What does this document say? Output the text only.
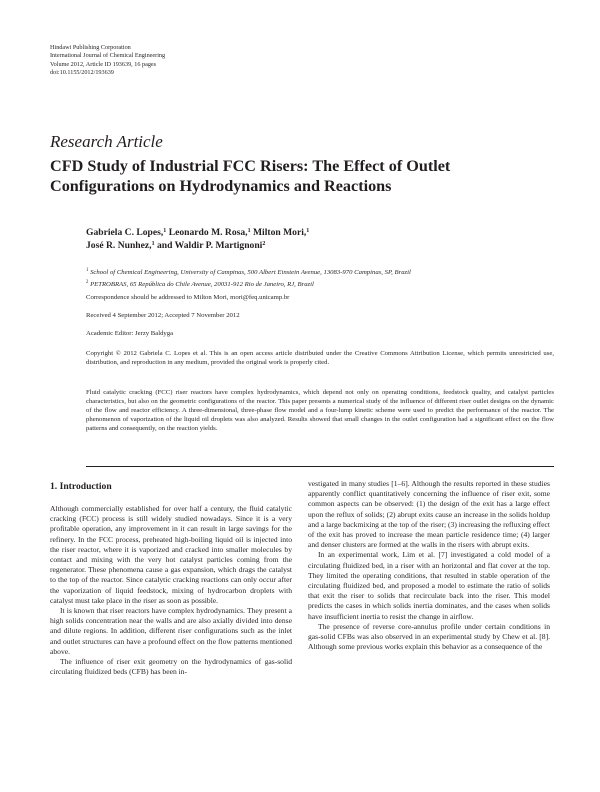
Hindawi Publishing Corporation
International Journal of Chemical Engineering
Volume 2012, Article ID 193639, 16 pages
doi:10.1155/2012/193639
Research Article
CFD Study of Industrial FCC Risers: The Effect of Outlet
Configurations on Hydrodynamics and Reactions
Gabriela C. Lopes,$^1$ Leonardo M. Rosa,$^1$ Milton Mori,$^1$
José R. Nunhez,$^1$ and Waldir P. Martignoni$^2$
$^1$ School of Chemical Engineering, University of Campinas, 500 Albert Einstein Avenue, 13083-970 Campinas, SP, Brazil
$^2$ PETROBRAS, 65 República do Chile Avenue, 20031-912 Rio de Janeiro, RJ, Brazil
Correspondence should be addressed to Milton Mori, mori@feq.unicamp.br
Received 4 September 2012; Accepted 7 November 2012
Academic Editor: Jerzy Baldyga
Copyright © 2012 Gabriela C. Lopes et al. This is an open access article distributed under the Creative Commons Attribution License, which permits unrestricted use, distribution, and reproduction in any medium, provided the original work is properly cited.
Fluid catalytic cracking (FCC) riser reactors have complex hydrodynamics, which depend not only on operating conditions, feedstock quality, and catalyst particles characteristics, but also on the geometric configurations of the reactor. This paper presents a numerical study of the influence of different riser outlet designs on the dynamic of the flow and reactor efficiency. A three-dimensional, three-phase flow model and a four-lump kinetic scheme were used to predict the performance of the reactor. The phenomenon of vaporization of the liquid oil droplets was also analyzed. Results showed that small changes in the outlet configuration had a significant effect on the flow patterns and consequently, on the reaction yields.
1. Introduction

Although commercially established for over half a century, the fluid catalytic cracking (FCC) process is still widely studied nowadays. Since it is a very profitable operation, any improvement in it can result in large savings for the refinery. In the FCC process, preheated high-boiling liquid oil is injected into the riser reactor, where it is vaporized and cracked into smaller molecules by contact and mixing with the very hot catalyst particles coming from the regenerator. These phenomena cause a gas expansion, which drags the catalyst to the top of the reactor. Since catalytic cracking reactions can only occur after the vaporization of liquid feedstock, mixing of hydrocarbon droplets with catalyst must take place in the riser as soon as possible.

It is known that riser reactors have complex hydrodynamics. They present a high solids concentration near the walls and are also axially divided into dense and dilute regions. In addition, different riser configurations such as the inlet and outlet structures can have a profound effect on the flow patterns mentioned above.

The influence of riser exit geometry on the hydrodynamics of gas-solid circulating fluidized beds (CFB) has been in-

vestigated in many studies [1–6]. Although the results reported in these studies apparently conflict quantitatively concerning the influence of riser exit, some common aspects can be observed: (1) the design of the exit has a large effect upon the reflux of solids; (2) abrupt exits cause an increase in the solids holdup and a large backmixing at the top of the riser; (3) increasing the refluxing effect of the exit has proved to increase the mean particle residence time; (4) larger and denser clusters are formed at the walls in the risers with abrupt exits.

In an experimental work, Lim et al. [7] investigated a cold model of a circulating fluidized bed, in a riser with an horizontal and flat cover at the top. They limited the operating conditions, that resulted in stable operation of the circulating fluidized bed, and proposed a model to estimate the ratio of solids that exit the riser to solids that recirculate back into the riser. This model predicts the cases in which solids inertia dominates, and the cases when solids have insufficient inertia to resist the change in airflow.

The presence of reverse core-annulus profile under certain conditions in gas-solid CFBs was also observed in an experimental study by Chew et al. [8]. Although some previous works explain this behavior as a consequence of the
